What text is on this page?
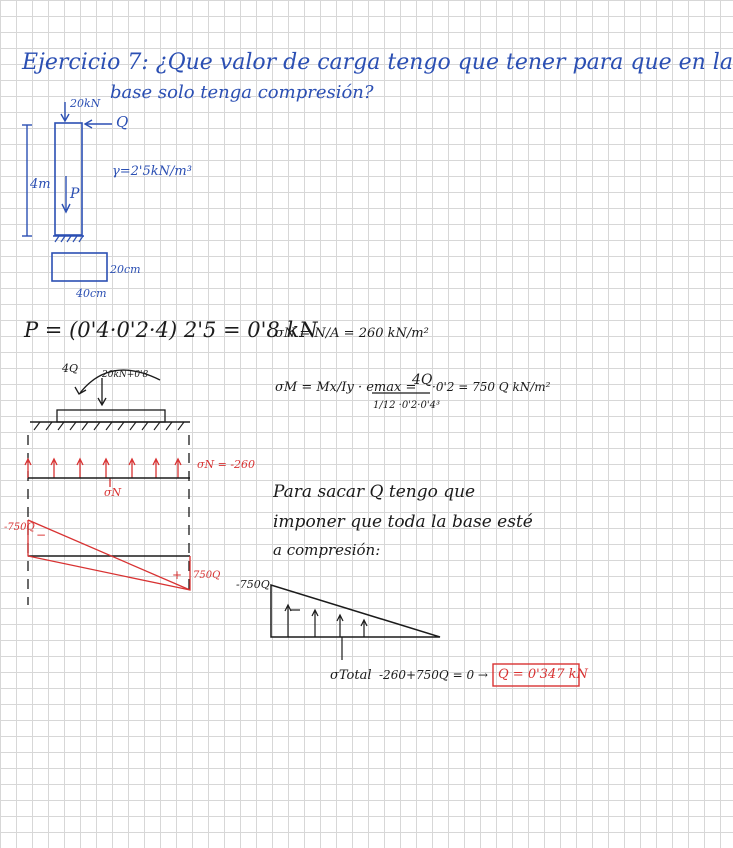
Ejercicio 7: ¿Que valor de carga tengo que tener para que en la
base solo tenga compresión?
20kN
Q
4m
P
γ=2'5kN/m³
20cm
40cm
P = (0'4·0'2·4) 2'5 = 0'8 kN
σN = N/A = 260 kN/m²
σM = Mx/Iy · emax =
4Q
1/12 ·0'2·0'4³
·0'2 = 750 Q kN/m²
4Q	20kN+0'8
σN = -260
σN
-750Q
−
+ 750Q
Para sacar Q tengo que
imponer que toda la base esté
a compresión:
-750Q
σTotal -260+750Q = 0 → Q = 0'347 kN
